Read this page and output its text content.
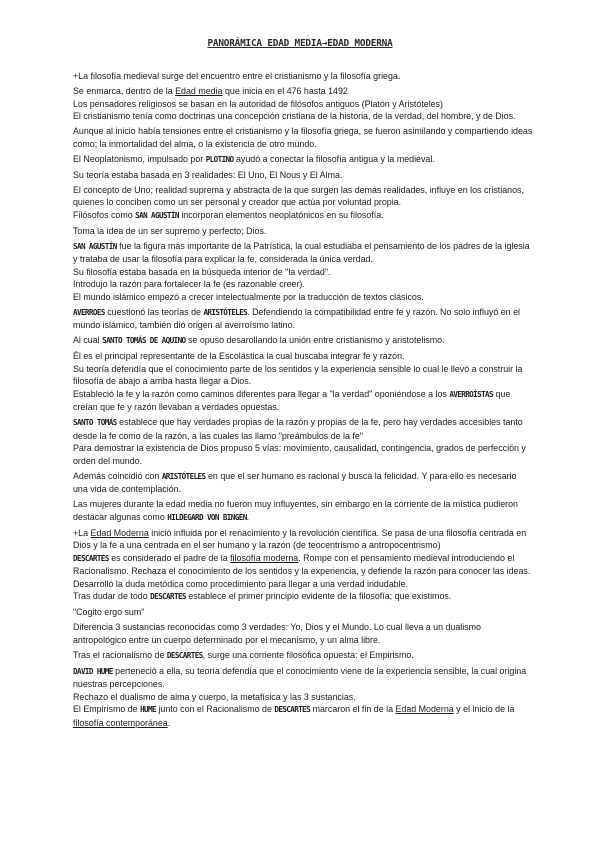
PANORÁMICA EDAD MEDIA→EDAD MODERNA

+La filosofía medieval surge del encuentro entre el cristianismo y la filosofía griega.

Se enmarca, dentro de la Edad media que inicia en el 476 hasta 1492

Los pensadores religiosos se basan en la autoridad de filósofos antiguos (Platón y Aristóteles)

El cristianismo tenía como doctrinas una concepción cristiana de la historia, de la verdad, del hombre, y de Dios.

Aunque al inicio había tensiones entre el cristianismo y la filosofía griega, se fueron asimilando y compartiendo ideas como; la inmortalidad del alma, o la existencia de otro mundo.

El Neoplatonismo, impulsado por PLOTINO ayudó a conectar la filosofía antigua y la medieval.

Su teoría estaba basada en 3 realidades: El Uno, El Nous y El Alma.

El concepto de Uno; realidad suprema y abstracta de la que surgen las demás realidades, influye en los cristianos, quienes lo conciben como un ser personal y creador que actúa por voluntad propia.

Filósofos como SAN AGUSTÍN incorporan elementos neoplatónicos en su filosofía.

Toma la idea de un ser supremo y perfecto; Dios.

SAN AGUSTÍN fue la figura más importante de la Patrística, la cual estudiaba el pensamiento de los padres de la iglesia y trataba de usar la filosofía para explicar la fe, considerada la única verdad.

Su filosofía estaba basada en la búsqueda interior de "la verdad".

Introdujo la razón para fortalecer la fe (es razonable creer).

El mundo islámico empezó a crecer intelectualmente por la traducción de textos clásicos.

AVERROES cuestionó las teorías de ARISTÓTELES. Defendiendo la compatibilidad entre fe y razón. No solo influyó en el mundo islámico, también dió origen al averroísmo latino.

Al cual SANTO TOMÁS DE AQUINO se opuso desarollando la unión entre cristianismo y aristotelismo.

Él es el principal representante de la Escolástica la cual buscaba integrar fe y razón.

Su teoría defendía que el conocimiento parte de los sentidos y la experiencia sensible lo cual le llevó a construir la filosofía de abajo a arriba hasta llegar a Dios.

Estableció la fe y la razón como caminos diferentes para llegar a "la verdad" oponiéndose a los AVERROÍSTAS que creían que fe y razón llevaban a verdades opuestas.

SANTO TOMÁS establece que hay verdades propias de la razón y propias de la fe, pero hay verdades accesibles tanto desde la fe como de la razón, a las cuales las llamo "preámbulos de la fe"

Para demostrar la existencia de Dios propuso 5 vías: movimiento, causalidad, contingencia, grados de perfección y orden del mundo.

Además coincidió con ARISTÓTELES en que el ser humano es racional y busca la felicidad. Y para ello es necesario una vida de contemplación.

Las mujeres durante la edad media no fueron muy influyentes, sin embargo en la corriente de la mística pudieron destacar algunas como HILDEGARD VON BINGEN.

+La Edad Moderna inició influida por el renacimiento y la revolución científica. Se pasa de una filosofía centrada en Dios y la fe a una centrada en el ser humano y la razón (de teocentrismo a antropocentrismo)

DESCARTES es considerado el padre de la filosofía moderna. Rompe con el pensamiento medieval introduciendo el Racionalismo. Rechaza el conocimiento de los sentidos y la experiencia, y defiende la razón para conocer las ideas.

Desarrolló la duda metódica como procedimiento para llegar a una verdad indudable.

Tras dudar de todo DESCARTES establece el primer principio evidente de la filosofía; que existimos.

"Cogito ergo sum"

Diferencia 3 sustancias reconocidas como 3 verdades: Yo, Dios y el Mundo. Lo cual lleva a un dualismo antropológico entre un cuerpo determinado por el mecanismo, y un alma libre.

Tras el racionalismo de DESCARTES, surge una corriente filosófica opuesta: el Empirismo.

DAVID HUME perteneció a ella, su teoría defendía que el conocimiento viene de la experiencia sensible, la cual origina nuestras percepciones.

Rechazo el dualismo de alma y cuerpo, la metafísica y las 3 sustancias.

El Empirismo de HUME junto con el Racionalismo de DESCARTES marcaron el fin de la Edad Moderna y el inicio de la filosofía contemporánea.
